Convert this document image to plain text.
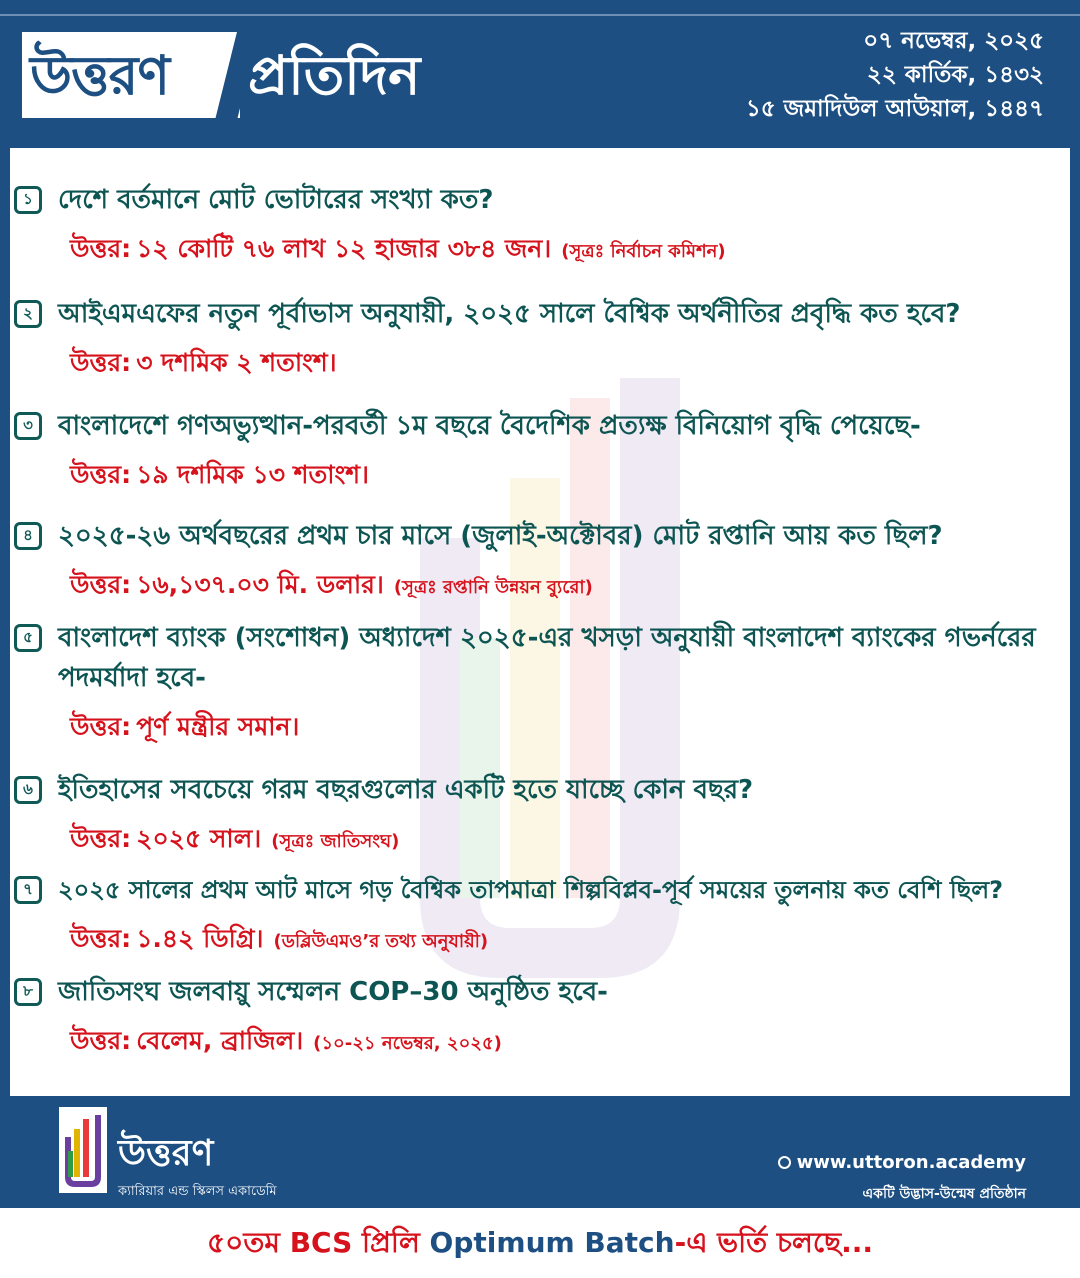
উত্তরণ প্রতিদিন
০৭ নভেম্বর, ২০২৫
২২ কার্তিক, ১৪৩২
১৫ জমাদিউল আউয়াল, ১৪৪৭
১ দেশে বর্তমানে মোট ভোটারের সংখ্যা কত?
উত্তর: ১২ কোটি ৭৬ লাখ ১২ হাজার ৩৮৪ জন। (সূত্রঃ নির্বাচন কমিশন)
২ আইএমএফের নতুন পূর্বাভাস অনুযায়ী, ২০২৫ সালে বৈশ্বিক অর্থনীতির প্রবৃদ্ধি কত হবে?
উত্তর: ৩ দশমিক ২ শতাংশ।
৩ বাংলাদেশে গণঅভ্যুত্থান-পরবর্তী ১ম বছরে বৈদেশিক প্রত্যক্ষ বিনিয়োগ বৃদ্ধি পেয়েছে-
উত্তর: ১৯ দশমিক ১৩ শতাংশ।
৪ ২০২৫-২৬ অর্থবছরের প্রথম চার মাসে (জুলাই-অক্টোবর) মোট রপ্তানি আয় কত ছিল?
উত্তর: ১৬,১৩৭.০৩ মি. ডলার। (সূত্রঃ রপ্তানি উন্নয়ন ব্যুরো)
৫ বাংলাদেশ ব্যাংক (সংশোধন) অধ্যাদেশ ২০২৫-এর খসড়া অনুযায়ী বাংলাদেশ ব্যাংকের গভর্নরের পদমর্যাদা হবে-
উত্তর: পূর্ণ মন্ত্রীর সমান।
৬ ইতিহাসের সবচেয়ে গরম বছরগুলোর একটি হতে যাচ্ছে কোন বছর?
উত্তর: ২০২৫ সাল। (সূত্রঃ জাতিসংঘ)
৭	২০২৫ সালের প্রথম আট মাসে গড় বৈশ্বিক তাপমাত্রা শিল্পবিপ্লব-পূর্ব সময়ের তুলনায় কত বেশি ছিল?
উত্তর: ১.৪২ ডিগ্রি। (ডব্লিউএমও’র তথ্য অনুযায়ী)
৮ জাতিসংঘ জলবায়ু সম্মেলন COP–30 অনুষ্ঠিত হবে-
উত্তর: বেলেম, ব্রাজিল। (১০-২১ নভেম্বর, ২০২৫)
উত্তরণ
ক্যারিয়ার এন্ড স্কিলস একাডেমি
www.uttoron.academy
একটি উদ্ভাস-উন্মেষ প্রতিষ্ঠান
৫০তম BCS প্রিলি Optimum Batch-এ ভর্তি চলছে...
